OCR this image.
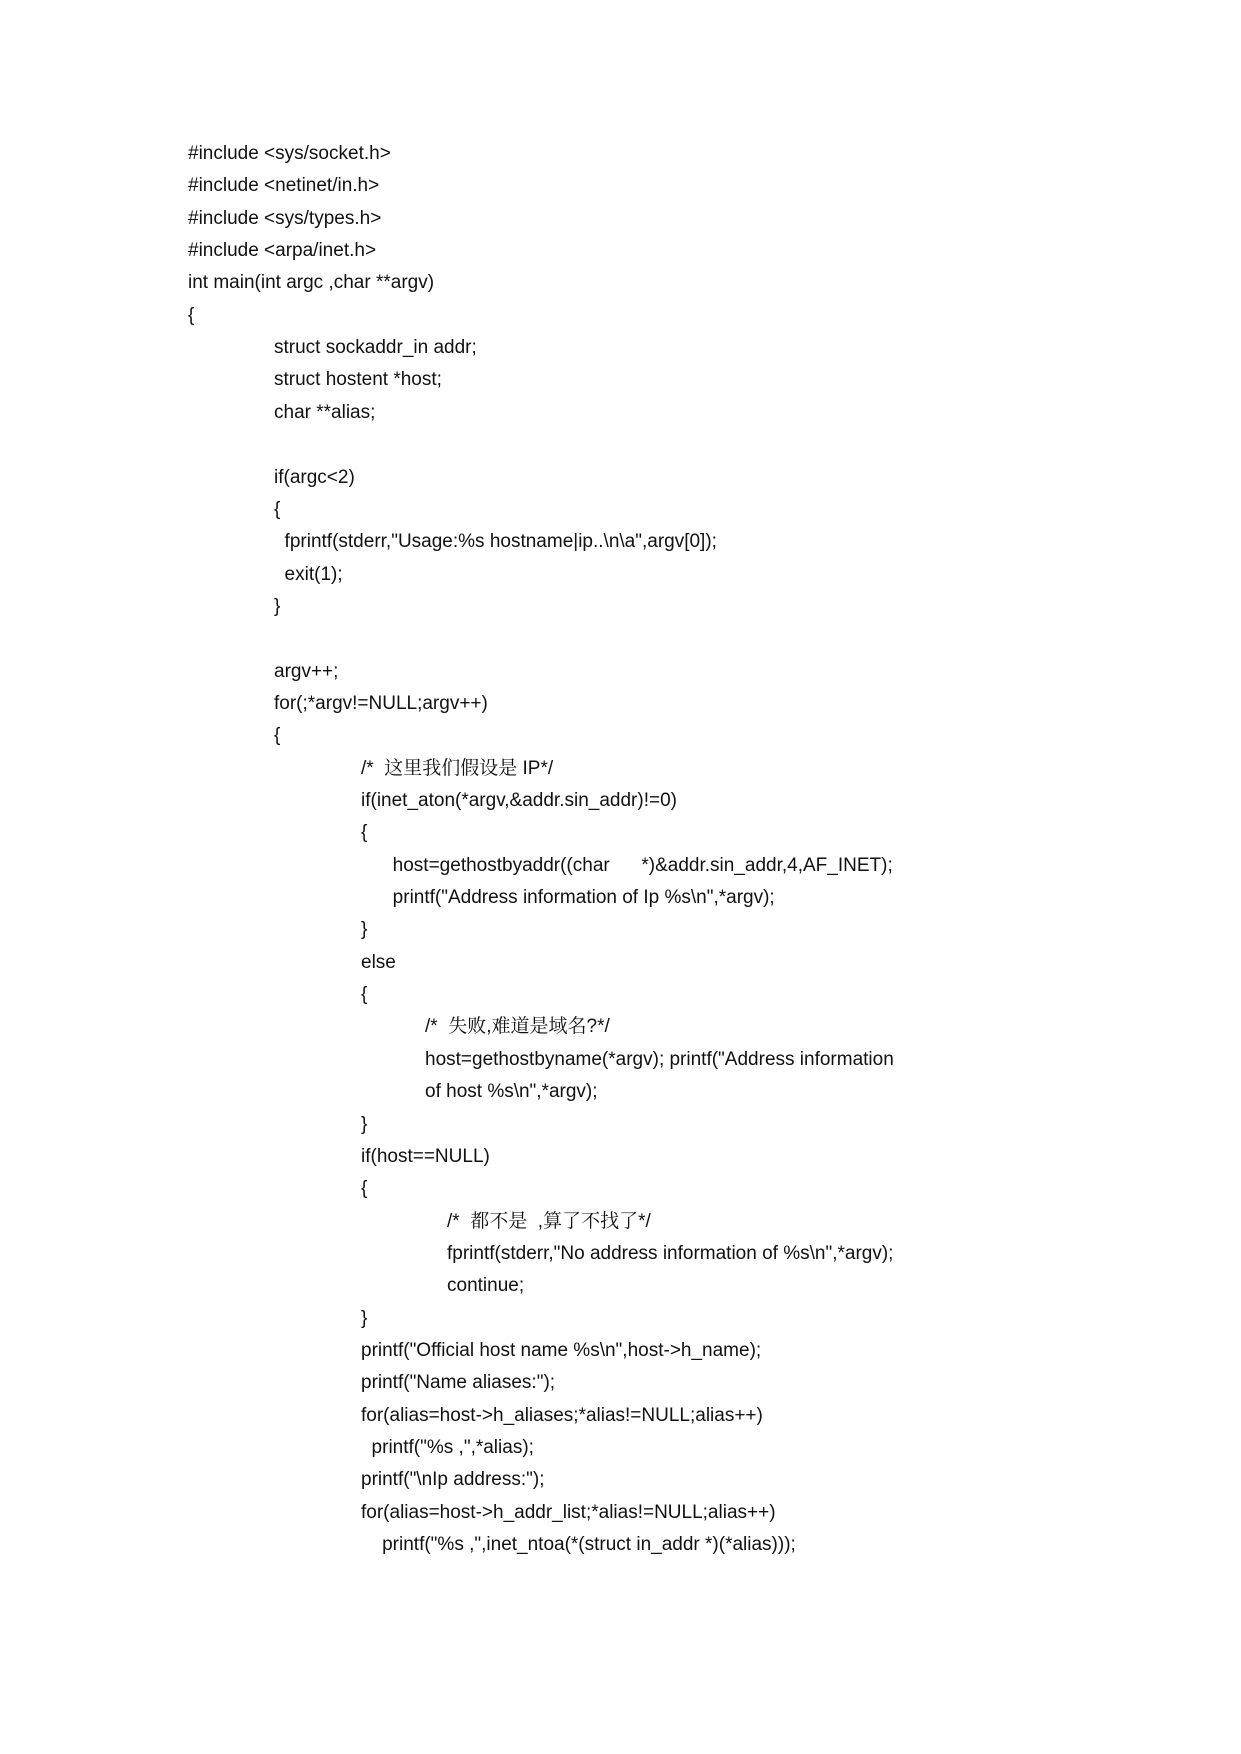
#include <sys/socket.h>
#include <netinet/in.h>
#include <sys/types.h>
#include <arpa/inet.h>
int main(int argc ,char **argv)
{
struct sockaddr_in addr;
struct hostent *host;
char **alias;
if(argc<2)
{
fprintf(stderr,"Usage:%s hostname|ip..\n\a",argv[0]);
exit(1);
}
argv++;
for(;*argv!=NULL;argv++)
{
/*  这里我们假设是 IP*/
if(inet_aton(*argv,&addr.sin_addr)!=0)
{
host=gethostbyaddr((char      *)&addr.sin_addr,4,AF_INET);
printf("Address information of Ip %s\n",*argv);
}
else
{
/*  失败,难道是域名?*/
host=gethostbyname(*argv); printf("Address information
of host %s\n",*argv);
}
if(host==NULL)
{
/*  都不是  ,算了不找了*/
fprintf(stderr,"No address information of %s\n",*argv);
continue;
}
printf("Official host name %s\n",host->h_name);
printf("Name aliases:");
for(alias=host->h_aliases;*alias!=NULL;alias++)
printf("%s ,",*alias);
printf("\nIp address:");
for(alias=host->h_addr_list;*alias!=NULL;alias++)
printf("%s ,",inet_ntoa(*(struct in_addr *)(*alias)));
